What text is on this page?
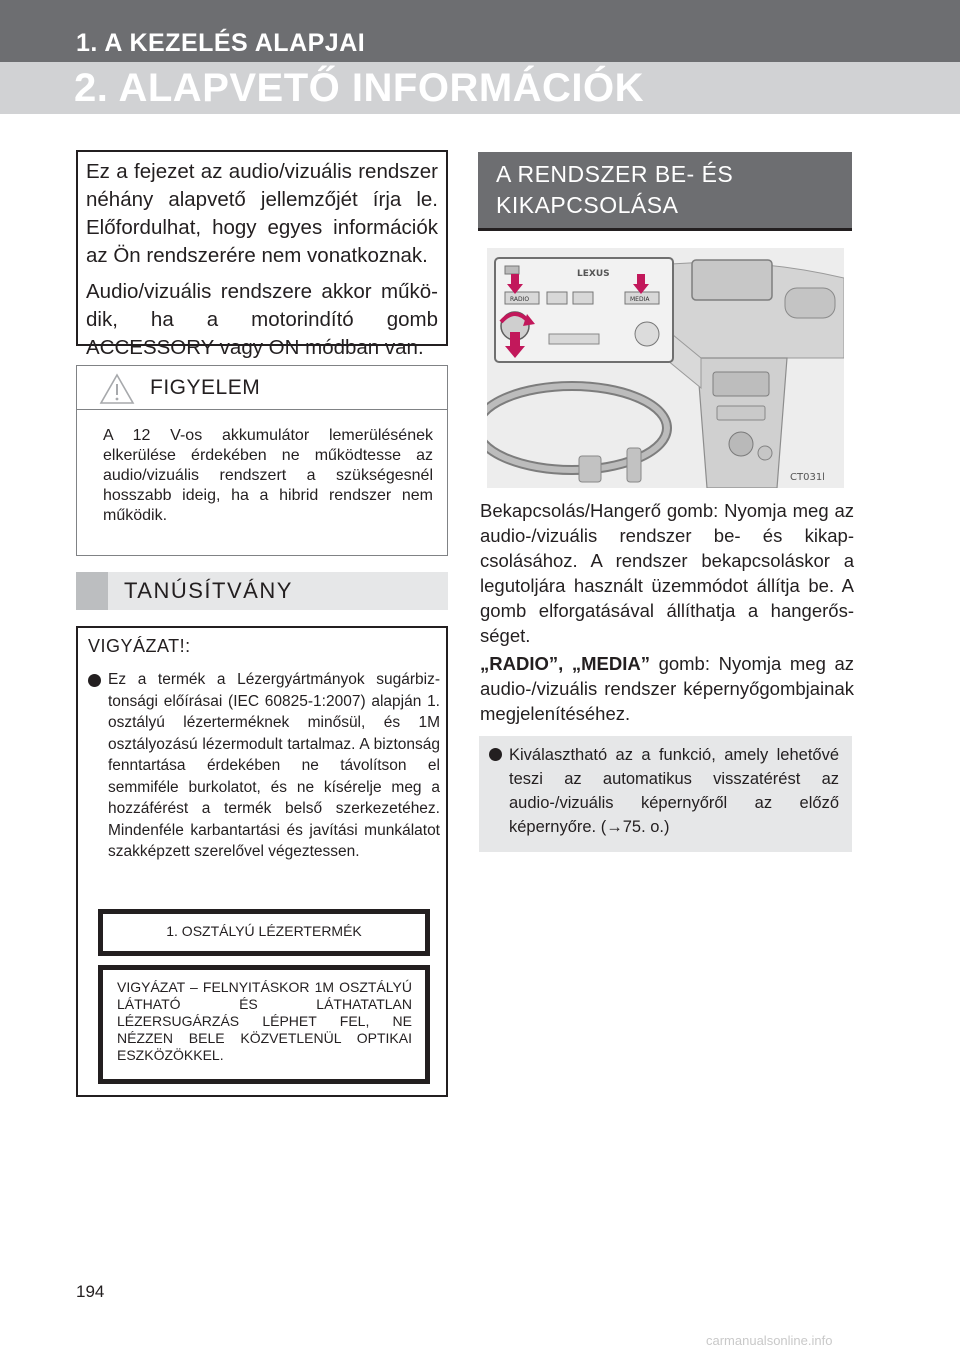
1. A KEZELÉS ALAPJAI
2. ALAPVETŐ INFORMÁCIÓK

Ez a fejezet az audio/vizuális rendszer néhány alapvető jellemzőjét írja le. Előfordulhat, hogy egyes információk az Ön rendszerére nem vonatkoznak.

Audio/vizuális rendszere akkor működik, ha a motorindító gomb ACCESSORY vagy ON módban van.

FIGYELEM
A 12 V-os akkumulátor lemerülésének elkerülése érdekében ne működtesse az audio/vizuális rendszert a szükségesnél hosszabb ideig, ha a hibrid rendszer nem működik.
TANÚSÍTVÁNY
VIGYÁZAT!:
Ez a termék a Lézergyártmányok sugárbiztonsági előírásai (IEC 60825-1:2007) alapján 1. osztályú lézerterméknek minősül, és 1M osztályozású lézermodult tartalmaz. A biztonság fenntartása érdekében ne távolítson el semmiféle burkolatot, és ne kísérelje meg a hozzáférést a termék belső szerkezetéhez. Mindenféle karbantartási és javítási munkálatot szakképzett szerelővel végeztessen.
1. OSZTÁLYÚ LÉZERTERMÉK
VIGYÁZAT – FELNYITÁSKOR 1M OSZTÁLYÚ LÁTHATÓ ÉS LÁTHATATLAN LÉZERSUGÁRZÁS LÉPHET FEL, NE NÉZZEN BELE KÖZVETLENÜL OPTIKAI ESZKÖZÖKKEL.
A RENDSZER BE- ÉS KIKAPCSOLÁSA
LEXUS
RADIO	MEDIA
CT031l
Bekapcsolás/Hangerő gomb: Nyomja meg az audio-/vizuális rendszer be- és kikapcsolásához. A rendszer bekapcsoláskor a legutoljára használt üzemmódot állítja be. A gomb elforgatásával állíthatja a hangerősséget.
„RADIO”, „MEDIA” gomb: Nyomja meg az audio-/vizuális rendszer képernyőgombjainak megjelenítéséhez.
Kiválasztható az a funkció, amely lehetővé teszi az automatikus visszatérést az audio-/vizuális képernyőről az előző képernyőre. (→75. o.)
194
carmanualsonline.info
